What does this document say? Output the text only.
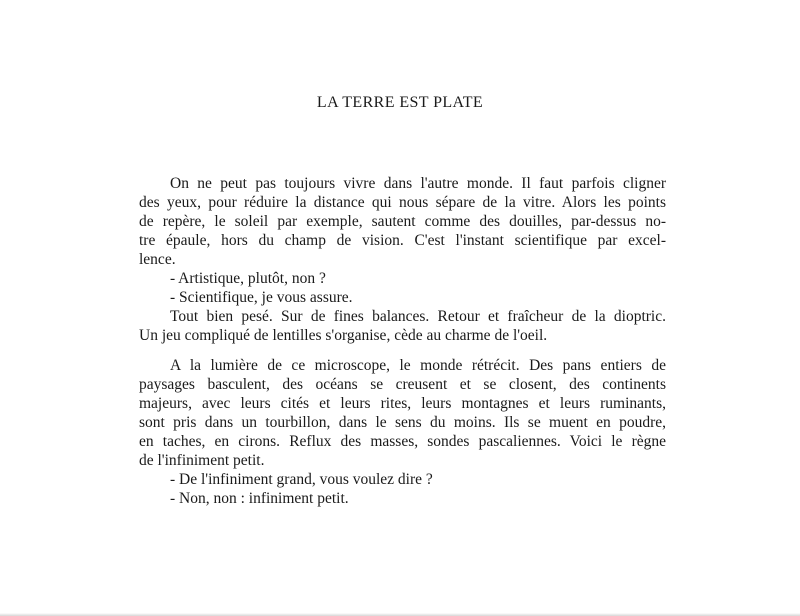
LA TERRE EST PLATE
On ne peut pas toujours vivre dans l'autre monde. Il faut parfois cligner
des yeux, pour réduire la distance qui nous sépare de la vitre. Alors les points
de repère, le soleil par exemple, sautent comme des douilles, par-dessus no-
tre épaule, hors du champ de vision. C'est l'instant scientifique par excel-
lence.
- Artistique, plutôt, non ?
- Scientifique, je vous assure.
Tout bien pesé. Sur de fines balances. Retour et fraîcheur de la dioptric.
Un jeu compliqué de lentilles s'organise, cède au charme de l'oeil.
A la lumière de ce microscope, le monde rétrécit. Des pans entiers de
paysages basculent, des océans se creusent et se closent, des continents
majeurs, avec leurs cités et leurs rites, leurs montagnes et leurs ruminants,
sont pris dans un tourbillon, dans le sens du moins. Ils se muent en poudre,
en taches, en cirons. Reflux des masses, sondes pascaliennes. Voici le règne
de l'infiniment petit.
- De l'infiniment grand, vous voulez dire ?
- Non, non : infiniment petit.
